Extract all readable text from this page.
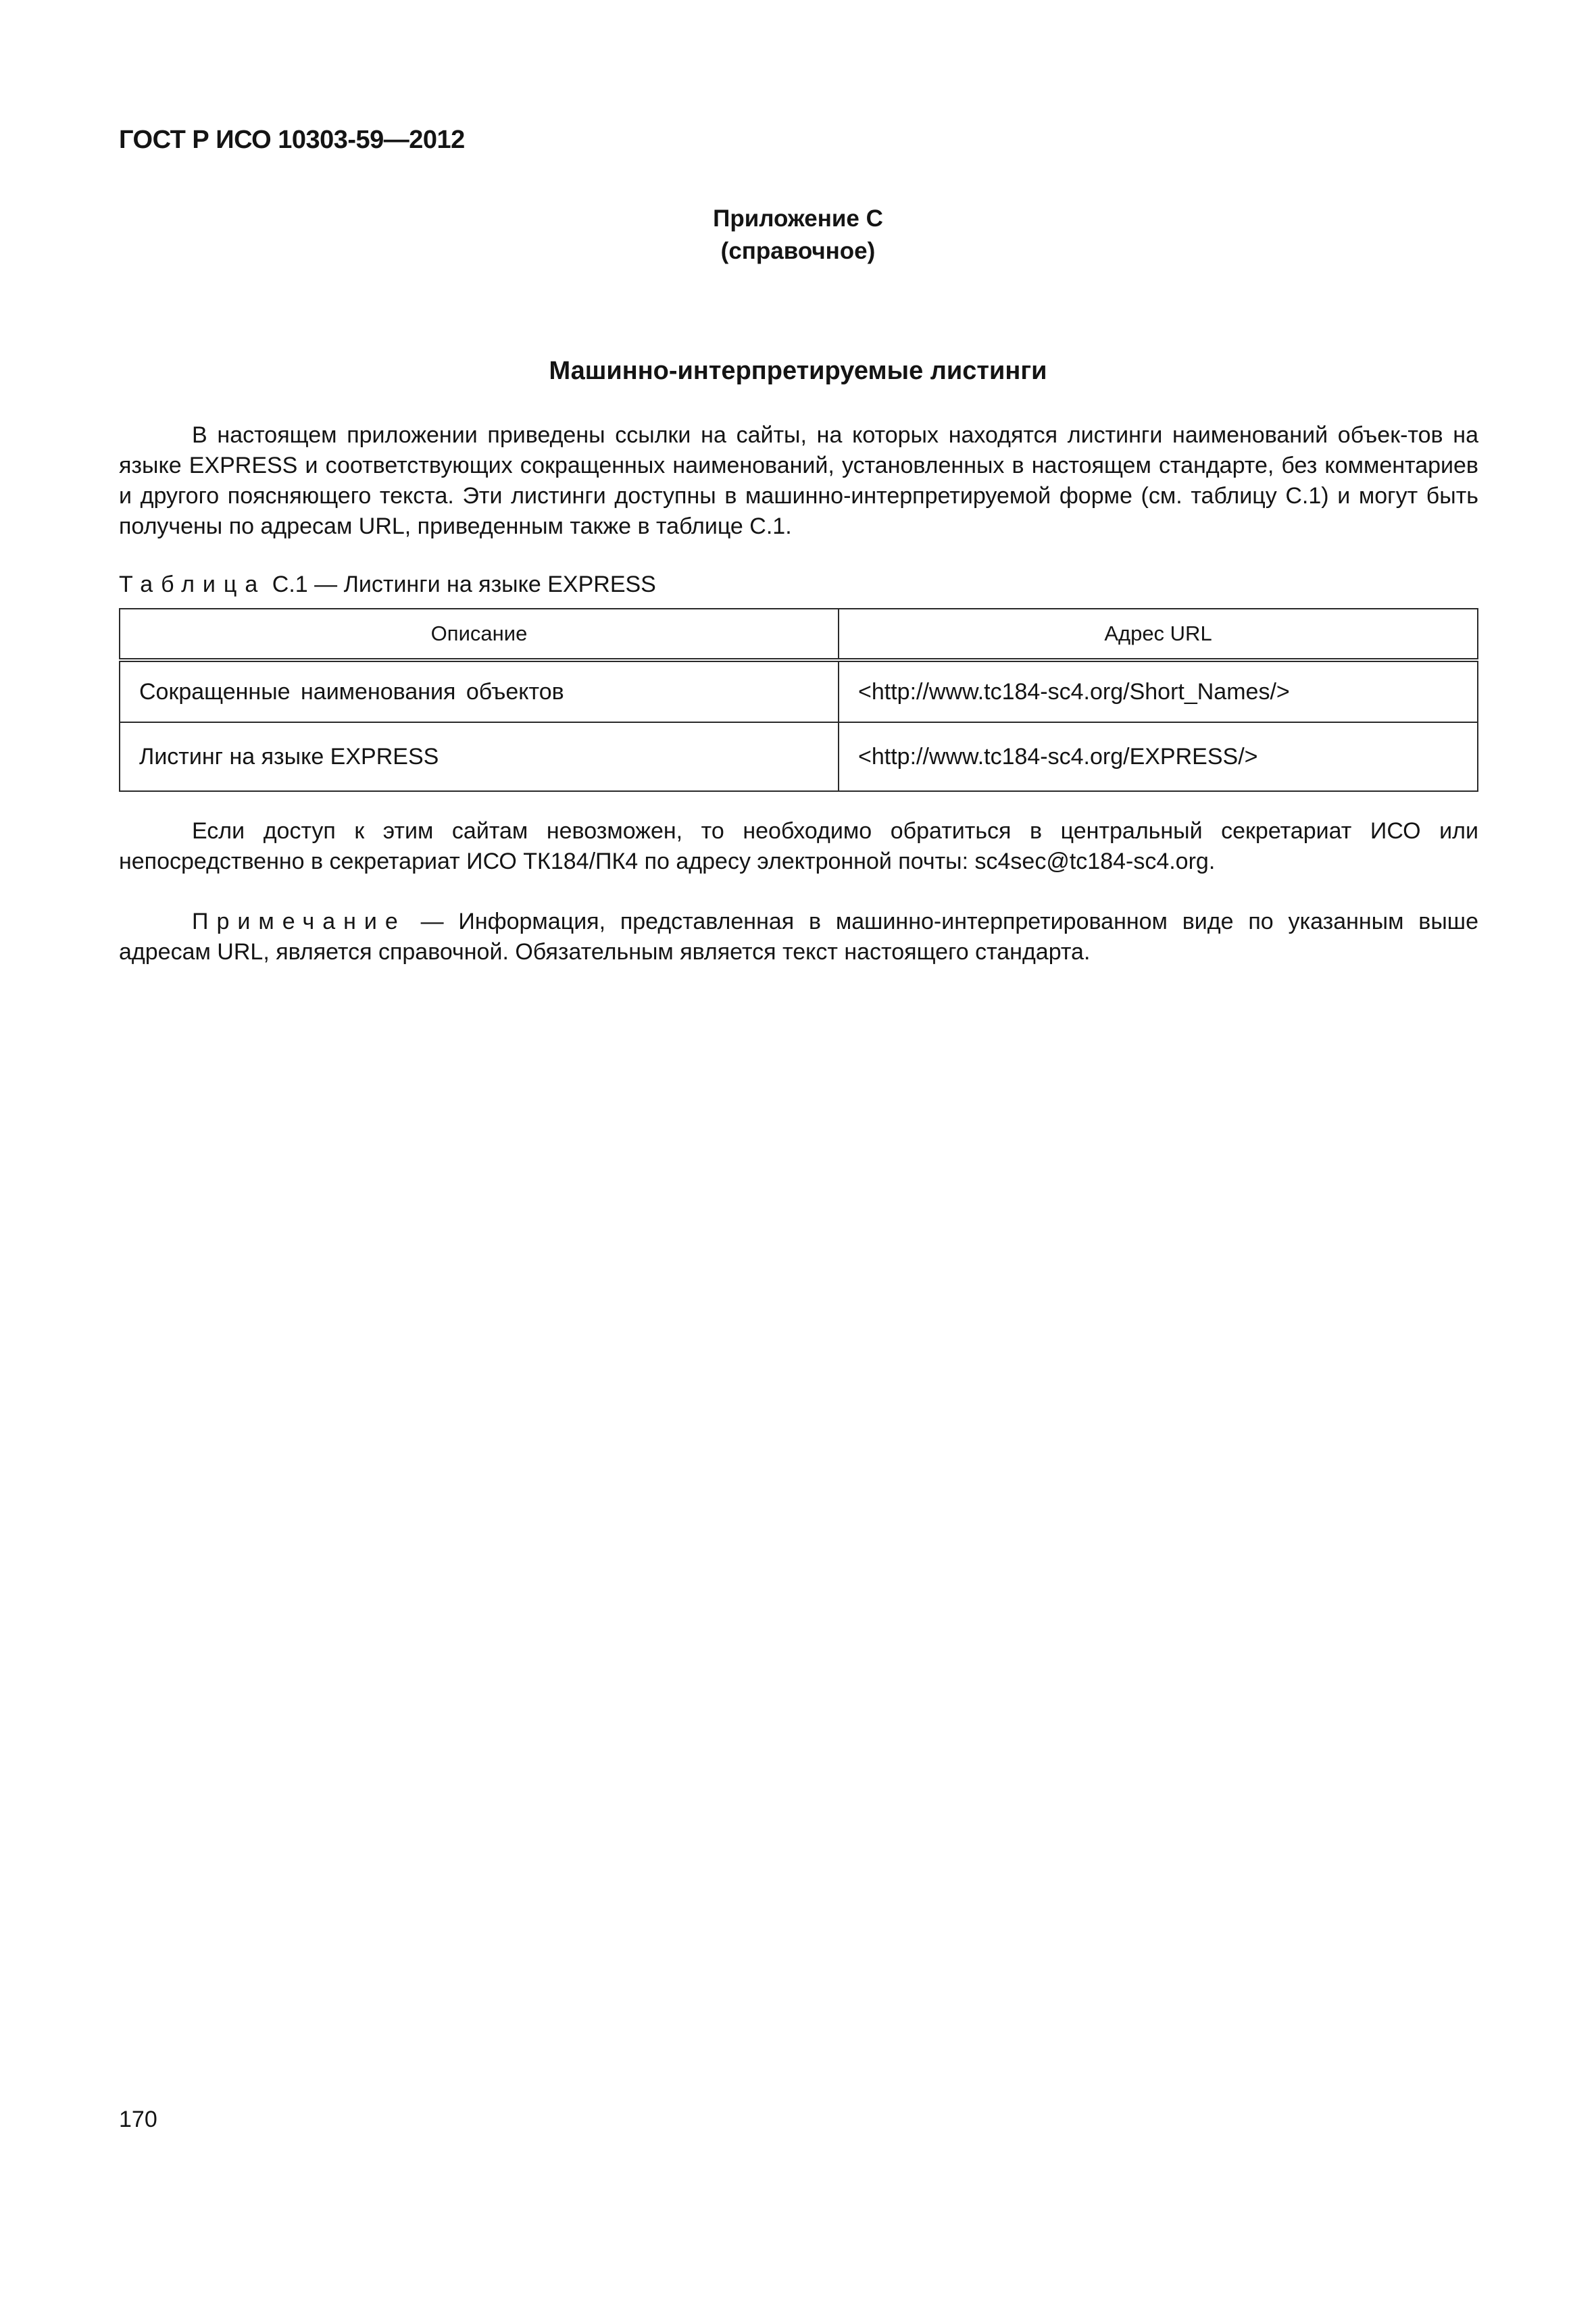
ГОСТ Р ИСО 10303-59—2012
Приложение С
(справочное)
Машинно-интерпретируемые листинги

В настоящем приложении приведены ссылки на сайты, на которых находятся листинги наименований объек-тов на языке EXPRESS и соответствующих сокращенных наименований, установленных в настоящем стандарте, без комментариев и другого поясняющего текста. Эти листинги доступны в машинно-интерпретируемой форме (см. таблицу С.1) и могут быть получены по адресам URL, приведенным также в таблице С.1.

Таблица С.1 — Листинги на языке EXPRESS
Описание	Адрес URL
Сокращенные наименования объектов	<http://www.tc184-sc4.org/Short_Names/>
Листинг на языке EXPRESS	<http://www.tc184-sc4.org/EXPRESS/>

Если доступ к этим сайтам невозможен, то необходимо обратиться в центральный секретариат ИСО или непосредственно в секретариат ИСО ТК184/ПК4 по адресу электронной почты: sc4sec@tc184-sc4.org.

Примечание — Информация, представленная в машинно-интерпретированном виде по указанным выше адресам URL, является справочной. Обязательным является текст настоящего стандарта.

170
